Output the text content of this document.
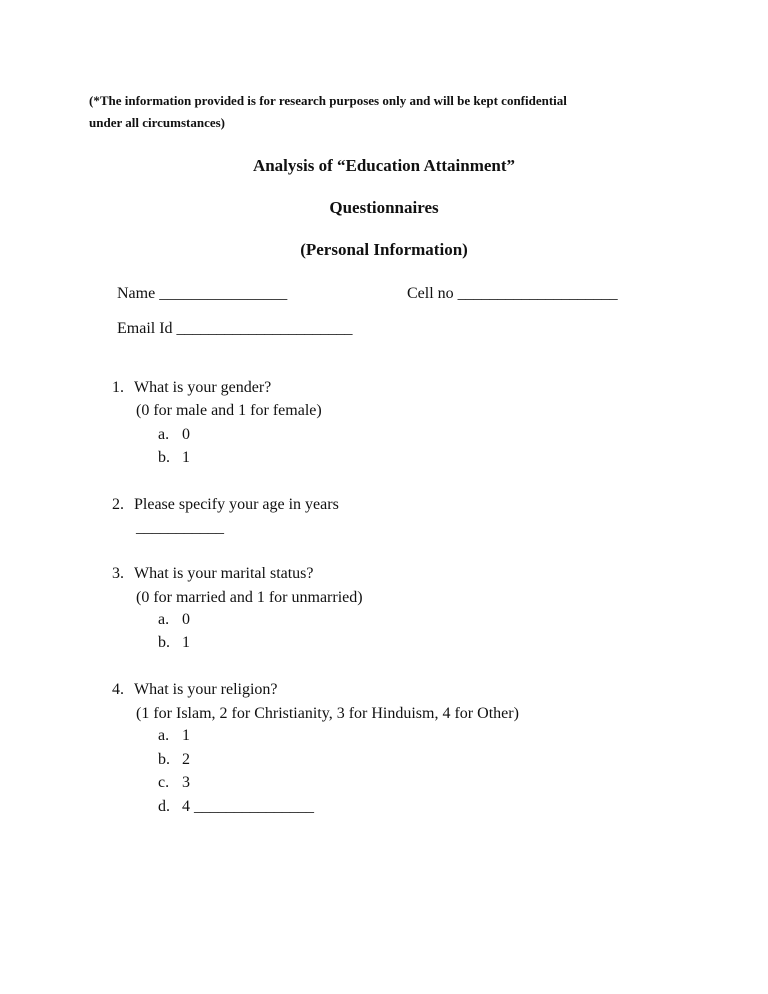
(*The information provided is for research purposes only and will be kept confidential
under all circumstances)
Analysis of “Education Attainment”
Questionnaires
(Personal Information)
Name ________________	Cell no ____________________
Email Id ______________________
1. What is your gender?
(0 for male and 1 for female)
a. 0
b. 1
2. Please specify your age in years
___________
3. What is your marital status?
(0 for married and 1 for unmarried)
a. 0
b. 1
4. What is your religion?
(1 for Islam, 2 for Christianity, 3 for Hinduism, 4 for Other)
a. 1
b. 2
c. 3
d. 4 _______________
